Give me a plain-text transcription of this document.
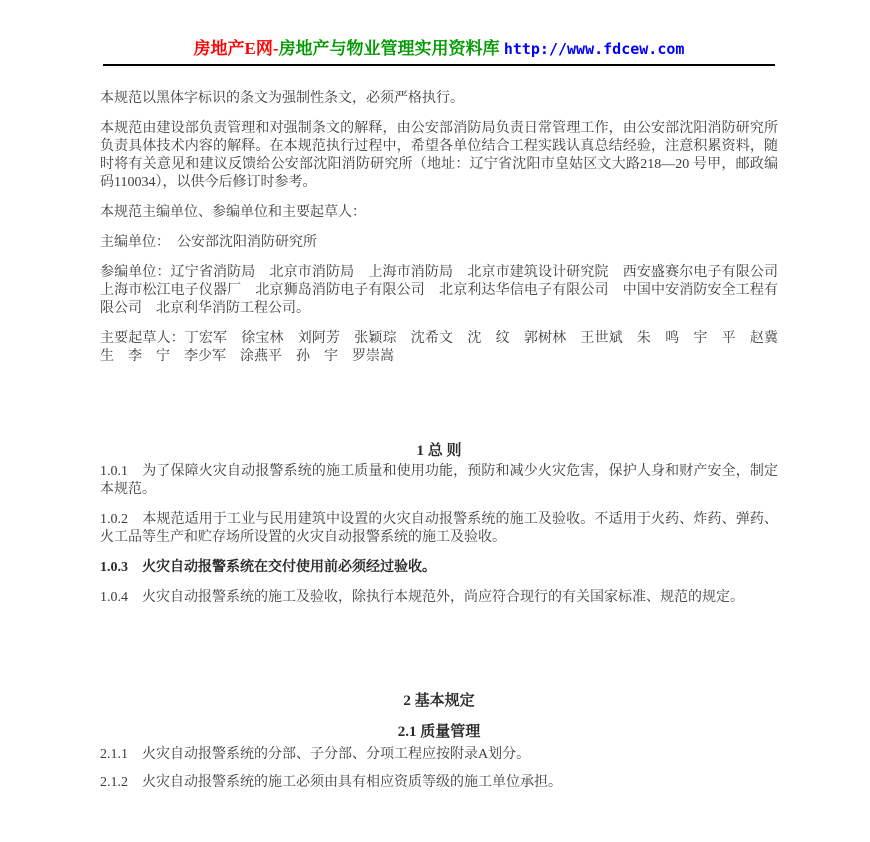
房地产E网-房地产与物业管理实用资料库 http://www.fdcew.com

本规范以黑体字标识的条文为强制性条文，必须严格执行。

本规范由建设部负责管理和对强制条文的解释，由公安部消防局负责日常管理工作，由公安部沈阳消防研究所负责具体技术内容的解释。在本规范执行过程中，希望各单位结合工程实践认真总结经验，注意积累资料，随时将有关意见和建议反馈给公安部沈阳消防研究所（地址：辽宁省沈阳市皇姑区文大路218—20 号甲，邮政编码110034），以供今后修订时参考。

本规范主编单位、参编单位和主要起草人：

主编单位：　公安部沈阳消防研究所

参编单位：辽宁省消防局　北京市消防局　上海市消防局　北京市建筑设计研究院　西安盛赛尔电子有限公司　上海市松江电子仪器厂　北京狮岛消防电子有限公司　北京利达华信电子有限公司　中国中安消防安全工程有限公司　北京利华消防工程公司。

主要起草人：丁宏军　徐宝林　刘阿芳　张颖琮　沈希文　沈　纹　郭树林　王世斌　朱　鸣　宇　平　赵冀生　李　宁　李少军　涂燕平　孙　宇　罗崇嵩

1 总 则

1.0.1　为了保障火灾自动报警系统的施工质量和使用功能，预防和减少火灾危害，保护人身和财产安全，制定本规范。

1.0.2　本规范适用于工业与民用建筑中设置的火灾自动报警系统的施工及验收。不适用于火药、炸药、弹药、火工品等生产和贮存场所设置的火灾自动报警系统的施工及验收。

1.0.3　火灾自动报警系统在交付使用前必须经过验收。

1.0.4　火灾自动报警系统的施工及验收，除执行本规范外，尚应符合现行的有关国家标准、规范的规定。

2 基本规定
2.1 质量管理

2.1.1　火灾自动报警系统的分部、子分部、分项工程应按附录A划分。

2.1.2　火灾自动报警系统的施工必须由具有相应资质等级的施工单位承担。
